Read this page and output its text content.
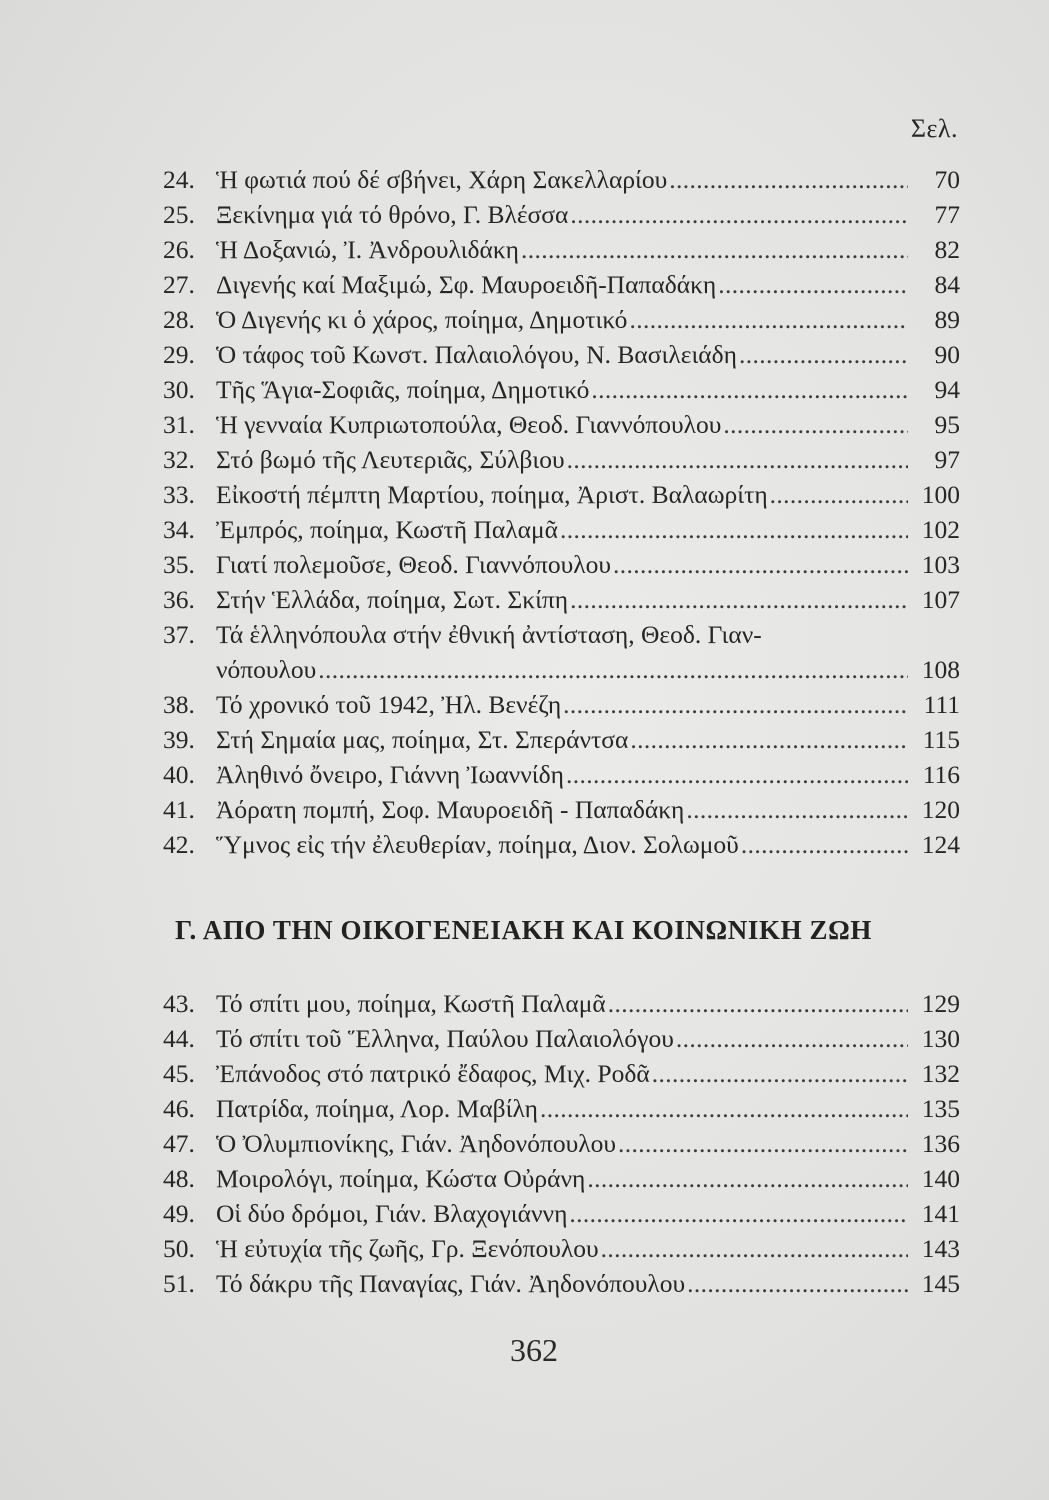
Σελ.
24. Ἡ φωτιά πού δέ σβήνει, Χάρη Σακελλαρίου . . .	70
25. Ξεκίνημα γιά τό θρόνο, Γ. Βλέσσα . . .	77
26. Ἡ Δοξανιώ, Ἰ. Ἀνδρουλιδάκη . . .	82
27. Διγενής καί Μαξιμώ, Σφ. Μαυροειδῆ-Παπαδάκη . . .	84
28. Ὁ Διγενής κι ὁ χάρος, ποίημα, Δημοτικό . . .	89
29. Ὁ τάφος τοῦ Κωνστ. Παλαιολόγου, Ν. Βασιλειάδη . . .	90
30. Τῆς Ἅγια-Σοφιᾶς, ποίημα, Δημοτικό . . .	94
31. Ἡ γενναία Κυπριωτοπούλα, Θεοδ. Γιαννόπουλου . . .	95
32. Στό βωμό τῆς Λευτεριᾶς, Σύλβιου . . .	97
33. Εἰκοστή πέμπτη Μαρτίου, ποίημα, Ἀριστ. Βαλαωρίτη . . .	100
34. Ἐμπρός, ποίημα, Κωστῆ Παλαμᾶ . . .	102
35. Γιατί πολεμοῦσε, Θεοδ. Γιαννόπουλου . . .	103
36. Στήν Ἑλλάδα, ποίημα, Σωτ. Σκίπη . . .	107
37. Τά ἑλληνόπουλα στήν ἐθνική ἀντίσταση, Θεοδ. Γιαν-
νόπουλου . . .	108
38. Τό χρονικό τοῦ 1942, Ἠλ. Βενέζη . . .	111
39. Στή Σημαία μας, ποίημα, Στ. Σπεράντσα . . .	115
40. Ἀληθινό ὄνειρο, Γιάννη Ἰωαννίδη . . .	116
41. Ἀόρατη πομπή, Σοφ. Μαυροειδῆ - Παπαδάκη . . .	120
42. Ὕμνος εἰς τήν ἐλευθερίαν, ποίημα, Διον. Σολωμοῦ . . .	124
Γ. ΑΠΟ ΤΗΝ ΟΙΚΟΓΕΝΕΙΑΚΗ ΚΑΙ ΚΟΙΝΩΝΙΚΗ ΖΩΗ
43. Τό σπίτι μου, ποίημα, Κωστῆ Παλαμᾶ . . .	129
44. Τό σπίτι τοῦ Ἕλληνα, Παύλου Παλαιολόγου . . .	130
45. Ἐπάνοδος στό πατρικό ἔδαφος, Μιχ. Ροδᾶ . . .	132
46. Πατρίδα, ποίημα, Λορ. Μαβίλη . . .	135
47. Ὁ Ὀλυμπιονίκης, Γιάν. Ἀηδονόπουλου . . .	136
48. Μοιρολόγι, ποίημα, Κώστα Οὐράνη . . .	140
49. Οἱ δύο δρόμοι, Γιάν. Βλαχογιάννη . . .	141
50. Ἡ εὐτυχία τῆς ζωῆς, Γρ. Ξενόπουλου . . .	143
51. Τό δάκρυ τῆς Παναγίας, Γιάν. Ἀηδονόπουλου . . .	145
362
